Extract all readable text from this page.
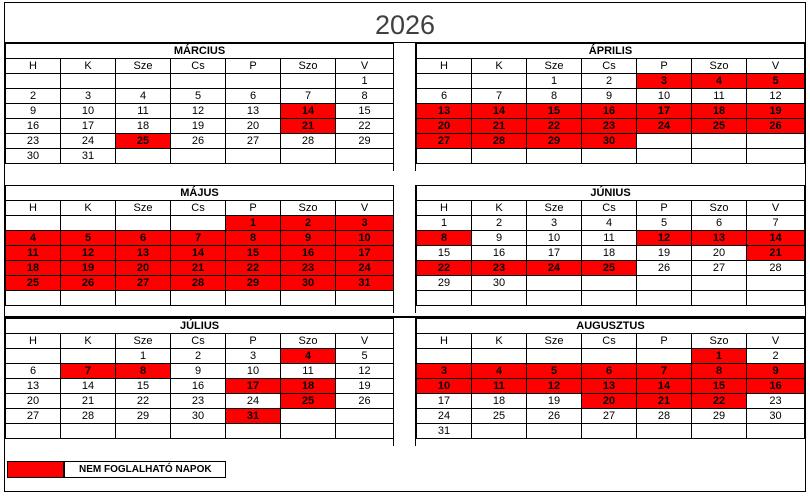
2026
MÁRCIUS						
H	K	Sze	Cs	P	Szo	V
						1
2	3	4	5	6	7	8
9	10	11	12	13	14	15
16	17	18	19	20	21	22
23	24	25	26	27	28	29
30	31					
ÁPRILIS						
H	K	Sze	Cs	P	Szo	V
		1	2	3	4	5
6	7	8	9	10	11	12
13	14	15	16	17	18	19
20	21	22	23	24	25	26
27	28	29	30			

MÁJUS						
H	K	Sze	Cs	P	Szo	V
				1	2	3
4	5	6	7	8	9	10
11	12	13	14	15	16	17
18	19	20	21	22	23	24
25	26	27	28	29	30	31

JÚNIUS						
H	K	Sze	Cs	P	Szo	V
1	2	3	4	5	6	7
8	9	10	11	12	13	14
15	16	17	18	19	20	21
22	23	24	25	26	27	28
29	30					

JÚLIUS						
H	K	Sze	Cs	P	Szo	V
		1	2	3	4	5
6	7	8	9	10	11	12
13	14	15	16	17	18	19
20	21	22	23	24	25	26
27	28	29	30	31		

AUGUSZTUS						
H	K	Sze	Cs	P	Szo	V
					1	2
3	4	5	6	7	8	9
10	11	12	13	14	15	16
17	18	19	20	21	22	23
24	25	26	27	28	29	30
31						
NEM FOGLALHATÓ NAPOK
